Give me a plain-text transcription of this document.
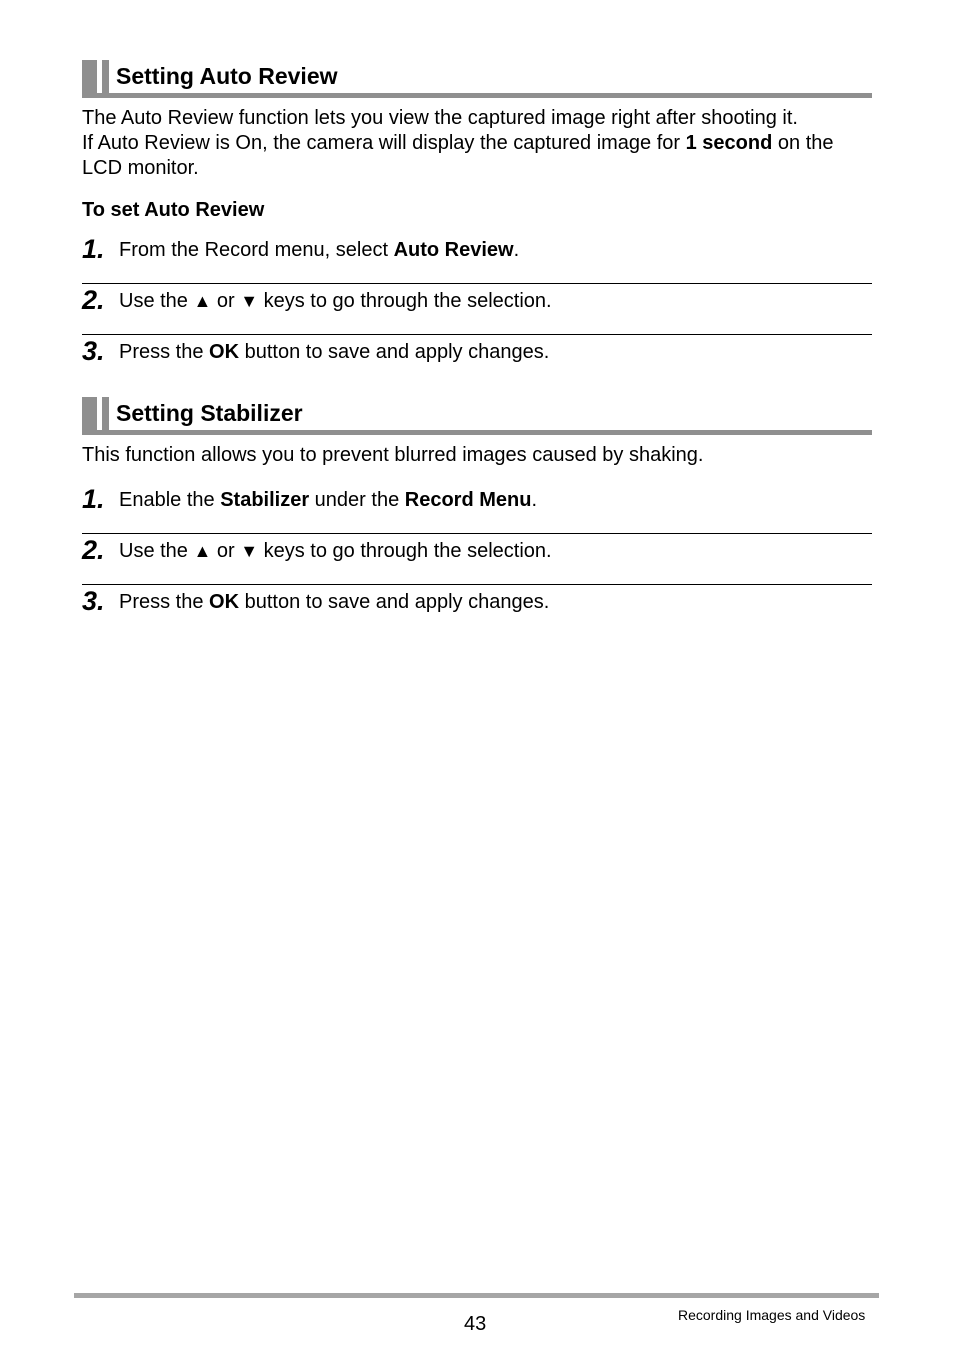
Setting Auto Review

The Auto Review function lets you view the captured image right after shooting it.
If Auto Review is On, the camera will display the captured image for 1 second on the
LCD monitor.

To set Auto Review

1. From the Record menu, select Auto Review.
2. Use the ▲ or ▼ keys to go through the selection.
3. Press the OK button to save and apply changes.
Setting Stabilizer

This function allows you to prevent blurred images caused by shaking.

1. Enable the Stabilizer under the Record Menu.
2. Use the ▲ or ▼ keys to go through the selection.
3. Press the OK button to save and apply changes.
43	Recording Images and Videos
